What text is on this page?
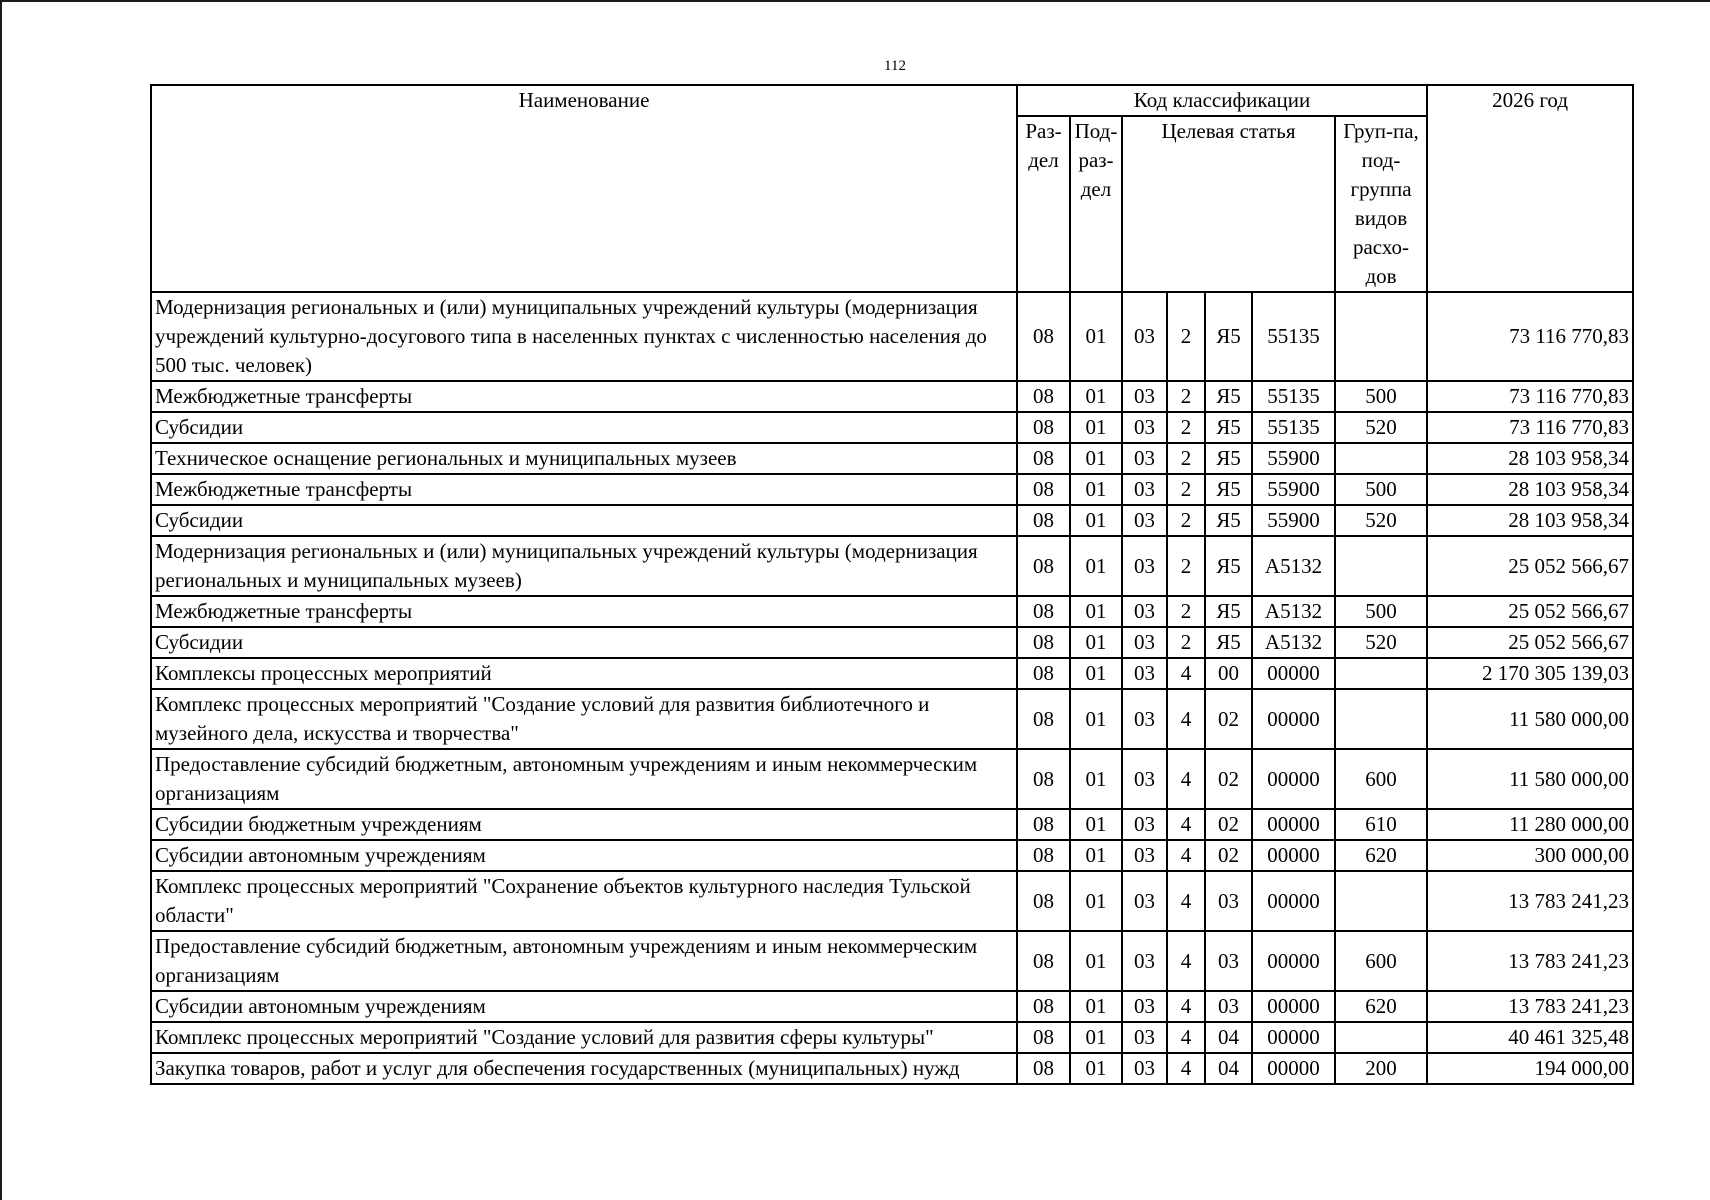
112
Наименование	Код классификации							2026 год
	Раз-дел	Под-раз-дел	Целевая статья				Груп-па, под-группа видов расхо-дов	
Модернизация региональных и (или) муниципальных учреждений культуры (модернизация учреждений культурно-досугового типа в населенных пунктах с численностью населения до 500 тыс. человек)	08	01	03	2	Я5	55135		73 116 770,83
Межбюджетные трансферты	08	01	03	2	Я5	55135	500	73 116 770,83
Субсидии	08	01	03	2	Я5	55135	520	73 116 770,83
Техническое оснащение региональных и муниципальных музеев	08	01	03	2	Я5	55900		28 103 958,34
Межбюджетные трансферты	08	01	03	2	Я5	55900	500	28 103 958,34
Субсидии	08	01	03	2	Я5	55900	520	28 103 958,34
Модернизация региональных и (или) муниципальных учреждений культуры (модернизация региональных и муниципальных музеев)	08	01	03	2	Я5	А5132		25 052 566,67
Межбюджетные трансферты	08	01	03	2	Я5	А5132	500	25 052 566,67
Субсидии	08	01	03	2	Я5	А5132	520	25 052 566,67
Комплексы процессных мероприятий	08	01	03	4	00	00000		2 170 305 139,03
Комплекс процессных мероприятий "Создание условий для развития библиотечного и музейного дела, искусства и творчества"	08	01	03	4	02	00000		11 580 000,00
Предоставление субсидий бюджетным, автономным учреждениям и иным некоммерческим организациям	08	01	03	4	02	00000	600	11 580 000,00
Субсидии бюджетным учреждениям	08	01	03	4	02	00000	610	11 280 000,00
Субсидии автономным учреждениям	08	01	03	4	02	00000	620	300 000,00
Комплекс процессных мероприятий "Сохранение объектов культурного наследия Тульской области"	08	01	03	4	03	00000		13 783 241,23
Предоставление субсидий бюджетным, автономным учреждениям и иным некоммерческим организациям	08	01	03	4	03	00000	600	13 783 241,23
Субсидии автономным учреждениям	08	01	03	4	03	00000	620	13 783 241,23
Комплекс процессных мероприятий "Создание условий для развития сферы культуры"	08	01	03	4	04	00000		40 461 325,48
Закупка товаров, работ и услуг для обеспечения государственных (муниципальных) нужд	08	01	03	4	04	00000	200	194 000,00
